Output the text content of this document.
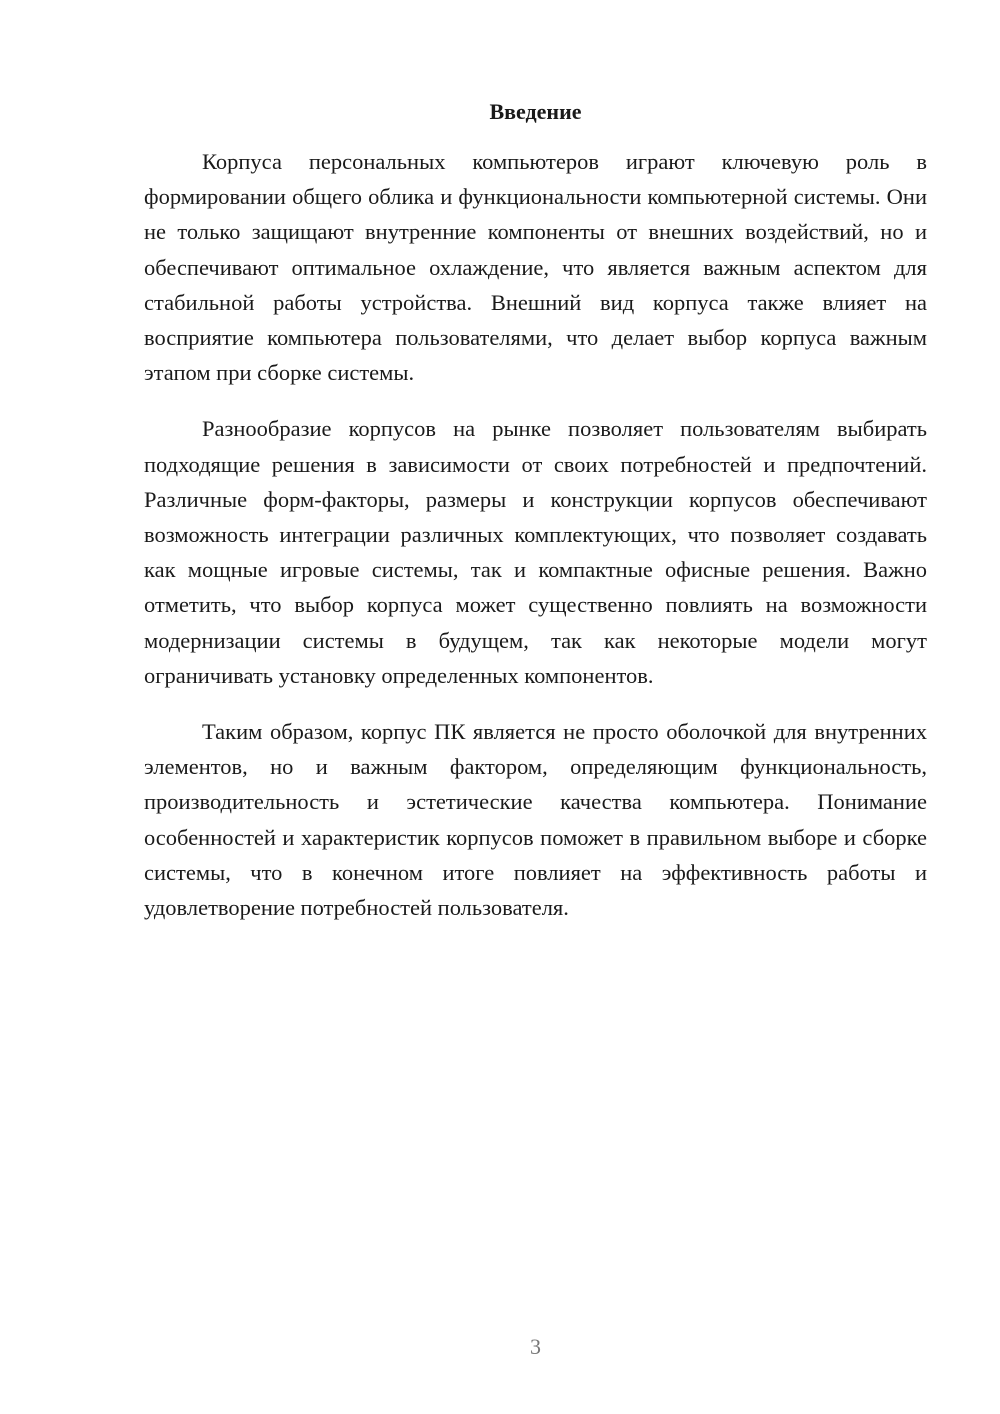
Введение

Корпуса персональных компьютеров играют ключевую роль в формировании общего облика и функциональности компьютерной системы. Они не только защищают внутренние компоненты от внешних воздействий, но и обеспечивают оптимальное охлаждение, что является важным аспектом для стабильной работы устройства. Внешний вид корпуса также влияет на восприятие компьютера пользователями, что делает выбор корпуса важным этапом при сборке системы.

Разнообразие корпусов на рынке позволяет пользователям выбирать подходящие решения в зависимости от своих потребностей и предпочтений. Различные форм-факторы, размеры и конструкции корпусов обеспечивают возможность интеграции различных комплектующих, что позволяет создавать как мощные игровые системы, так и компактные офисные решения. Важно отметить, что выбор корпуса может существенно повлиять на возможности модернизации системы в будущем, так как некоторые модели могут ограничивать установку определенных компонентов.

Таким образом, корпус ПК является не просто оболочкой для внутренних элементов, но и важным фактором, определяющим функциональность, производительность и эстетические качества компьютера. Понимание особенностей и характеристик корпусов поможет в правильном выборе и сборке системы, что в конечном итоге повлияет на эффективность работы и удовлетворение потребностей пользователя.

3
